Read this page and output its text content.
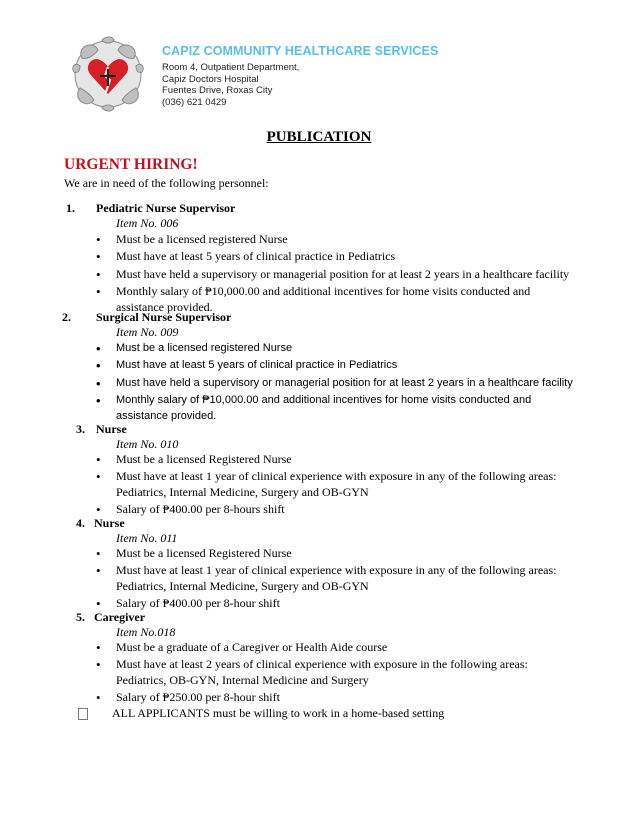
CAPIZ COMMUNITY HEALTHCARE SERVICES
Room 4, Outpatient Department,
Capiz Doctors Hospital
Fuentes Drive, Roxas City
(036) 621 0429
PUBLICATION
URGENT HIRING!
We are in need of the following personnel:
1. Pediatric Nurse Supervisor
Item No. 006
• Must be a licensed registered Nurse
• Must have at least 5 years of clinical practice in Pediatrics
• Must have held a supervisory or managerial position for at least 2 years in a healthcare facility
• Monthly salary of ₱10,000.00 and additional incentives for home visits conducted and assistance provided.
2. Surgical Nurse Supervisor
Item No. 009
• Must be a licensed registered Nurse
• Must have at least 5 years of clinical practice in Pediatrics
• Must have held a supervisory or managerial position for at least 2 years in a healthcare facility
• Monthly salary of ₱10,000.00 and additional incentives for home visits conducted and assistance provided.
3. Nurse
Item No. 010
• Must be a licensed Registered Nurse
• Must have at least 1 year of clinical experience with exposure in any of the following areas: Pediatrics, Internal Medicine, Surgery and OB-GYN
• Salary of ₱400.00 per 8-hours shift
4. Nurse
Item No. 011
• Must be a licensed Registered Nurse
• Must have at least 1 year of clinical experience with exposure in any of the following areas: Pediatrics, Internal Medicine, Surgery and OB-GYN
• Salary of ₱400.00 per 8-hour shift
5. Caregiver
Item No.018
• Must be a graduate of a Caregiver or Health Aide course
• Must have at least 2 years of clinical experience with exposure in the following areas: Pediatrics, OB-GYN, Internal Medicine and Surgery
• Salary of ₱250.00 per 8-hour shift
ALL APPLICANTS must be willing to work in a home-based setting
